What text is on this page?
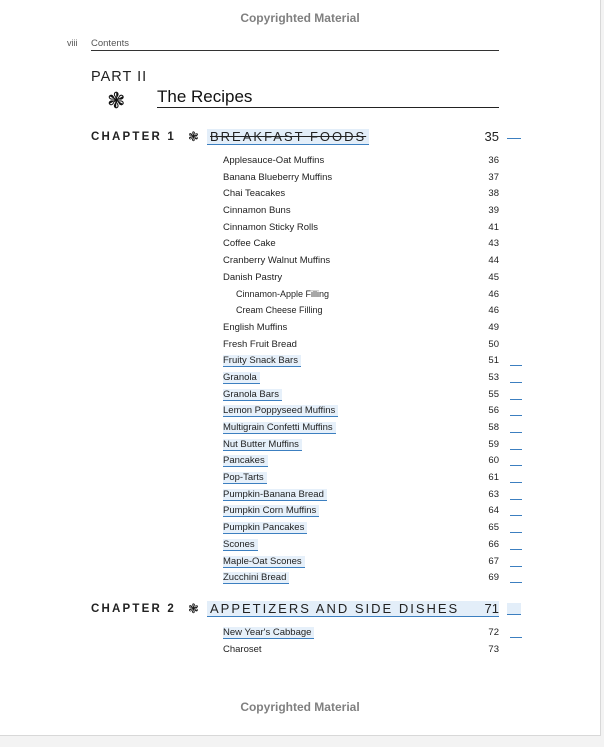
Copyrighted Material
viii Contents
PART II
❃ The Recipes
CHAPTER 1 ❃ BREAKFAST FOODS	35
Applesauce-Oat Muffins	36
Banana Blueberry Muffins	37
Chai Teacakes	38
Cinnamon Buns	39
Cinnamon Sticky Rolls	41
Coffee Cake	43
Cranberry Walnut Muffins	44
Danish Pastry	45
Cinnamon-Apple Filling	46
Cream Cheese Filling	46
English Muffins	49
Fresh Fruit Bread	50
Fruity Snack Bars	51
Granola	53
Granola Bars	55
Lemon Poppyseed Muffins	56
Multigrain Confetti Muffins	58
Nut Butter Muffins	59
Pancakes	60
Pop-Tarts	61
Pumpkin-Banana Bread	63
Pumpkin Corn Muffins	64
Pumpkin Pancakes	65
Scones	66
Maple-Oat Scones	67
Zucchini Bread	69
CHAPTER 2 ❃ APPETIZERS AND SIDE DISHES	71
New Year's Cabbage	72
Charoset	73
Copyrighted Material
